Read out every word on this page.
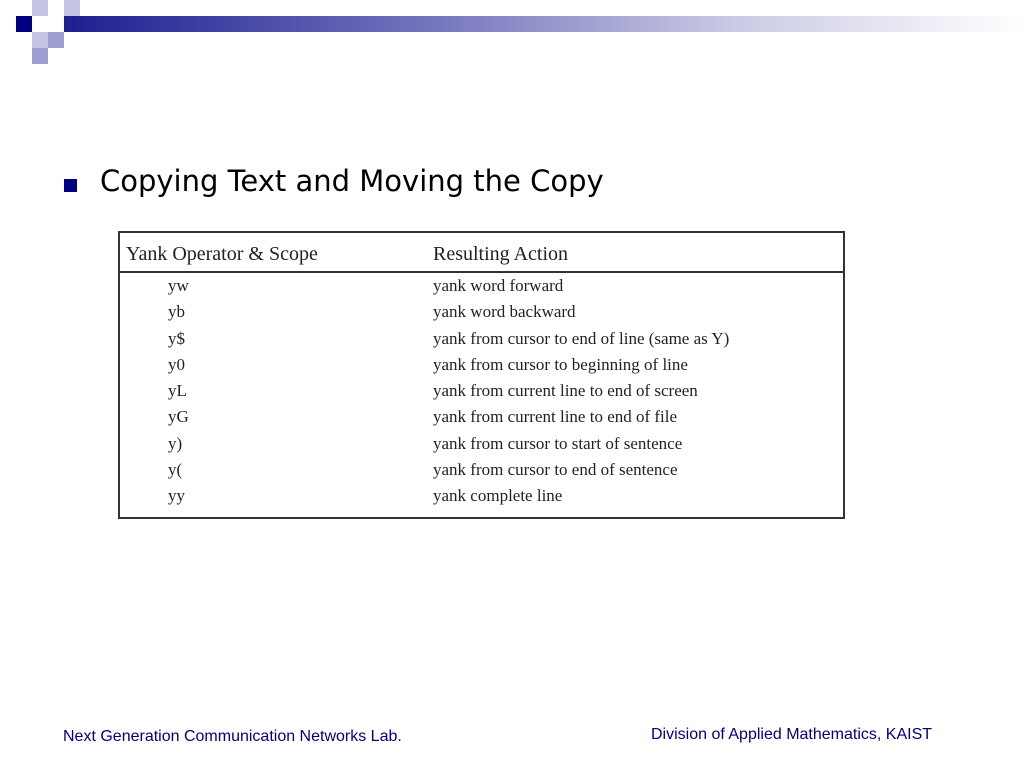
Copying Text and Moving the Copy
Yank Operator & Scope	Resulting Action
yw	yank word forward
yb	yank word backward
y$	yank from cursor to end of line (same as Y)
y0	yank from cursor to beginning of line
yL	yank from current line to end of screen
yG	yank from current line to end of file
y)	yank from cursor to start of sentence
y(	yank from cursor to end of sentence
yy	yank complete line
Next Generation Communication Networks Lab.	Division of Applied Mathematics, KAIST
